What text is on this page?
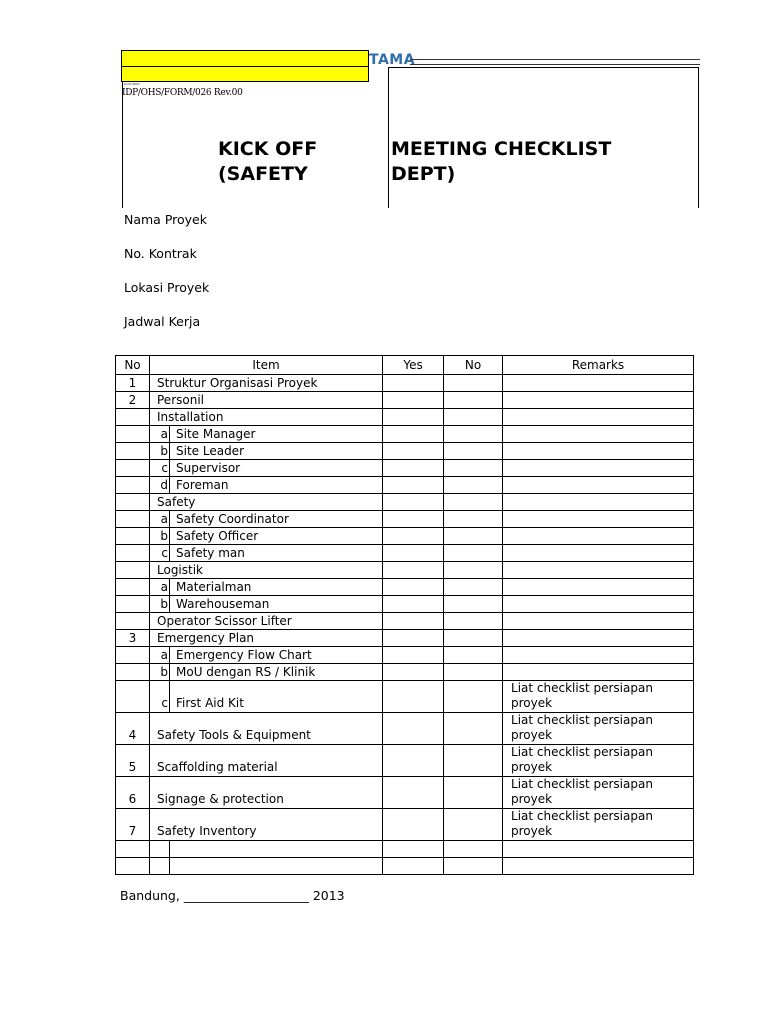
TAMA
DOKUMEN
IDP/OHS/FORM/026 Rev.00
KICK OFF
(SAFETY
MEETING CHECKLIST
DEPT)
Nama Proyek
No. Kontrak
Lokasi Proyek
Jadwal Kerja
No	Item		Yes	No	Remarks
1	Struktur Organisasi Proyek				
2	Personil				
	Installation				
	a	Site Manager			
	b	Site Leader			
	c	Supervisor			
	d	Foreman			
	Safety				
	a	Safety Coordinator			
	b	Safety Officer			
	c	Safety man			
	Logistik				
	a	Materialman			
	b	Warehouseman			
	Operator Scissor Lifter				
3	Emergency Plan				
	a	Emergency Flow Chart			
	b	MoU dengan RS / Klinik			
	c	First Aid Kit			Liat checklist persiapan proyek
4	Safety Tools & Equipment				Liat checklist persiapan proyek
5	Scaffolding material				Liat checklist persiapan proyek
6	Signage & protection				Liat checklist persiapan proyek
7	Safety Inventory				Liat checklist persiapan proyek

Bandung, ____________________ 2013
